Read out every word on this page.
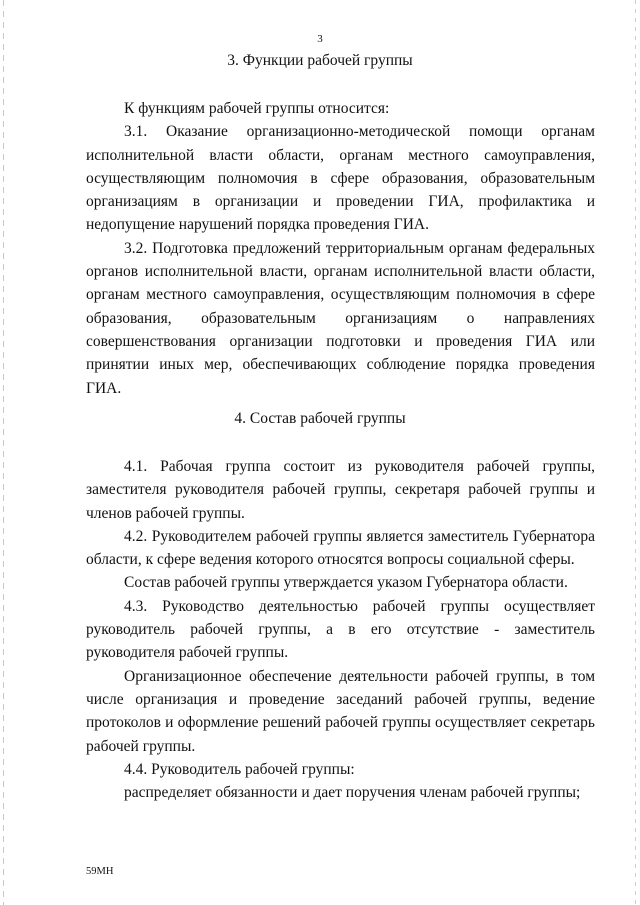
3
3. Функции рабочей группы

К функциям рабочей группы относится:

3.1. Оказание организационно-методической помощи органам исполнительной власти области, органам местного самоуправления, осуществляющим полномочия в сфере образования, образовательным организациям в организации и проведении ГИА, профилактика и недопущение нарушений порядка проведения ГИА.

3.2. Подготовка предложений территориальным органам федеральных органов исполнительной власти, органам исполнительной власти области, органам местного самоуправления, осуществляющим полномочия в сфере образования, образовательным организациям о направлениях совершенствования организации подготовки и проведения ГИА или принятии иных мер, обеспечивающих соблюдение порядка проведения ГИА.

4. Состав рабочей группы

4.1. Рабочая группа состоит из руководителя рабочей группы, заместителя руководителя рабочей группы, секретаря рабочей группы и членов рабочей группы.

4.2. Руководителем рабочей группы является заместитель Губернатора области, к сфере ведения которого относятся вопросы социальной сферы.

Состав рабочей группы утверждается указом Губернатора области.

4.3. Руководство деятельностью рабочей группы осуществляет руководитель рабочей группы, а в его отсутствие - заместитель руководителя рабочей группы.

Организационное обеспечение деятельности рабочей группы, в том числе организация и проведение заседаний рабочей группы, ведение протоколов и оформление решений рабочей группы осуществляет секретарь рабочей группы.

4.4. Руководитель рабочей группы:

распределяет обязанности и дает поручения членам рабочей группы;

59МН
